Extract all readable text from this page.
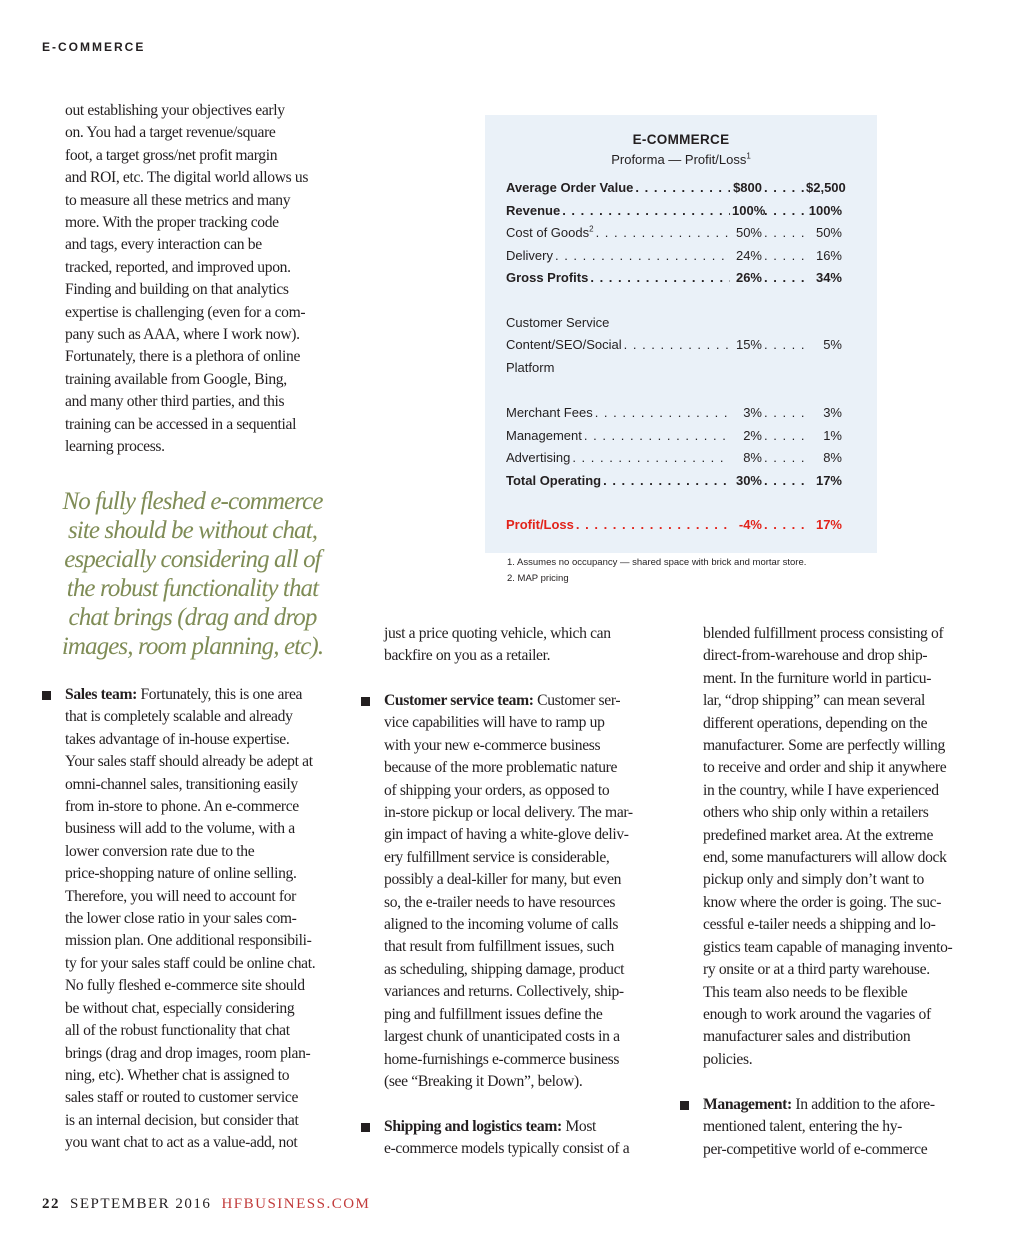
E-COMMERCE

out establishing your objectives early

on. You had a target revenue/square

foot, a target gross/net profit margin

and ROI, etc. The digital world allows us

to measure all these metrics and many

more. With the proper tracking code

and tags, every interaction can be

tracked, reported, and improved upon.

Finding and building on that analytics

expertise is challenging (even for a com-

pany such as AAA, where I work now).

Fortunately, there is a plethora of online

training available from Google, Bing,

and many other third parties, and this

training can be accessed in a sequential

learning process.

No fully fleshed e-commerce
site should be without chat,
especially considering all of
the robust functionality that
chat brings (drag and drop
images, room planning, etc).
Sales team: Fortunately, this is one area
that is completely scalable and already
takes advantage of in-house expertise.
Your sales staff should already be adept at
omni-channel sales, transitioning easily
from in-store to phone. An e-commerce
business will add to the volume, with a
lower conversion rate due to the
price-shopping nature of online selling.
Therefore, you will need to account for
the lower close ratio in your sales com-
mission plan. One additional responsibili-
ty for your sales staff could be online chat.
No fully fleshed e-commerce site should
be without chat, especially considering
all of the robust functionality that chat
brings (drag and drop images, room plan-
ning, etc). Whether chat is assigned to
sales staff or routed to customer service
is an internal decision, but consider that
you want chat to act as a value-add, not

just a price quoting vehicle, which can

backfire on you as a retailer.

Customer service team: Customer ser-
vice capabilities will have to ramp up
with your new e-commerce business
because of the more problematic nature
of shipping your orders, as opposed to
in-store pickup or local delivery. The mar-
gin impact of having a white-glove deliv-
ery fulfillment service is considerable,
possibly a deal-killer for many, but even
so, the e-trailer needs to have resources
aligned to the incoming volume of calls
that result from fulfillment issues, such
as scheduling, shipping damage, product
variances and returns. Collectively, ship-
ping and fulfillment issues define the
largest chunk of unanticipated costs in a
home-furnishings e-commerce business
(see “Breaking it Down”, below).
Shipping and logistics team: Most
e-commerce models typically consist of a

blended fulfillment process consisting of

direct-from-warehouse and drop ship-

ment. In the furniture world in particu-

lar, “drop shipping” can mean several

different operations, depending on the

manufacturer. Some are perfectly willing

to receive and order and ship it anywhere

in the country, while I have experienced

others who ship only within a retailers

predefined market area. At the extreme

end, some manufacturers will allow dock

pickup only and simply don’t want to

know where the order is going. The suc-

cessful e-tailer needs a shipping and lo-

gistics team capable of managing invento-

ry onsite or at a third party warehouse.

This team also needs to be flexible

enough to work around the vagaries of

manufacturer sales and distribution

policies.

Management: In addition to the afore-
mentioned talent, entering the hy-
per-competitive world of e-commerce
E-COMMERCE
Proforma — Profit/Loss$^1$
Average Order Value . . .	$800 . . .	$2,500
Revenue . . .	100% . . .	100%
Cost of Goods$^2$ . . .	50% . . .	50%
Delivery . . .	24% . . .	16%
Gross Profits . . .	26% . . .	34%
Customer Service
Content/SEO/Social . . .	15% . . .	5%
Platform
Merchant Fees . . .	3% . . .	3%
Management . . .	2% . . .	1%
Advertising . . .	8% . . .	8%
Total Operating . . .	30% . . .	17%
Profit/Loss . . .	-4% . . .	17%
1. Assumes no occupancy — shared space with brick and mortar store.
2. MAP pricing
22 SEPTEMBER 2016 HFBUSINESS.COM
